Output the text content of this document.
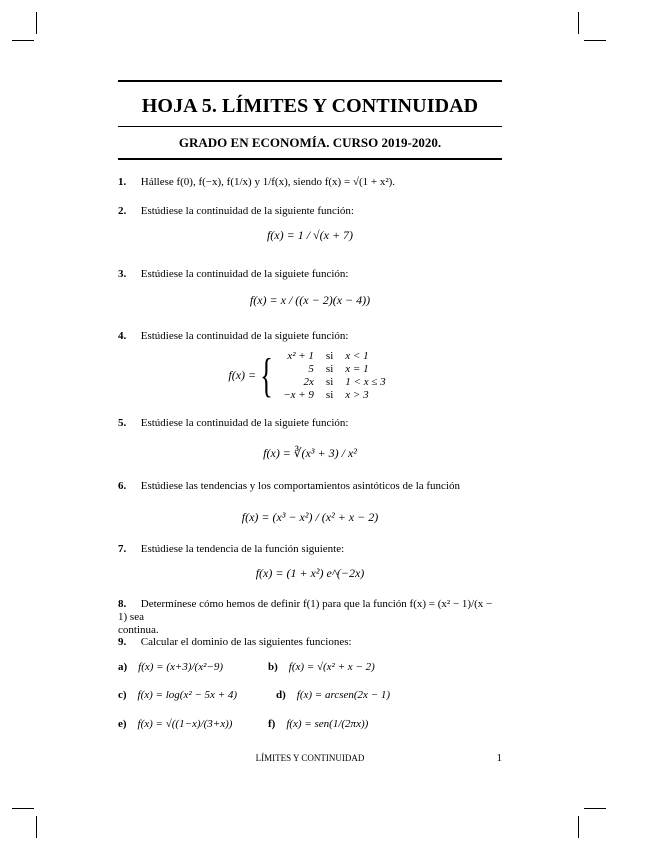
HOJA 5. LÍMITES Y CONTINUIDAD
GRADO EN ECONOMÍA. CURSO 2019-2020.
1. Hállese f(0), f(−x), f(1/x) y 1/f(x), siendo f(x) = √(1 + x²).
2. Estúdiese la continuidad de la siguiente función:
f(x) = 1 / √(x + 7)
3. Estúdiese la continuidad de la siguiete función:
f(x) = x / ((x − 2)(x − 4))
4. Estúdiese la continuidad de la siguiete función:
f(x) = { x² + 1	si	x < 1
5	si	x = 1
2x	si	1 < x ≤ 3
−x + 9	si	x > 3
5. Estúdiese la continuidad de la siguiete función:
f(x) = ∛(x³ + 3) / x²
6. Estúdiese las tendencias y los comportamientos asintóticos de la función
f(x) = (x³ − x²) / (x² + x − 2)
7. Estúdiese la tendencia de la función siguiente:
f(x) = (1 + x²) e^(−2x)
8. Determínese cómo hemos de definir f(1) para que la función f(x) = (x² − 1)/(x − 1) sea
continua.
9. Calcular el dominio de las siguientes funciones:
a) f(x) = (x+3)/(x²−9)	b) f(x) = √(x² + x − 2)
c) f(x) = log(x² − 5x + 4)	d) f(x) = arcsen(2x − 1)
e) f(x) = √((1−x)/(3+x))	f) f(x) = sen(1/(2πx))
LÍMITES Y CONTINUIDAD	1
